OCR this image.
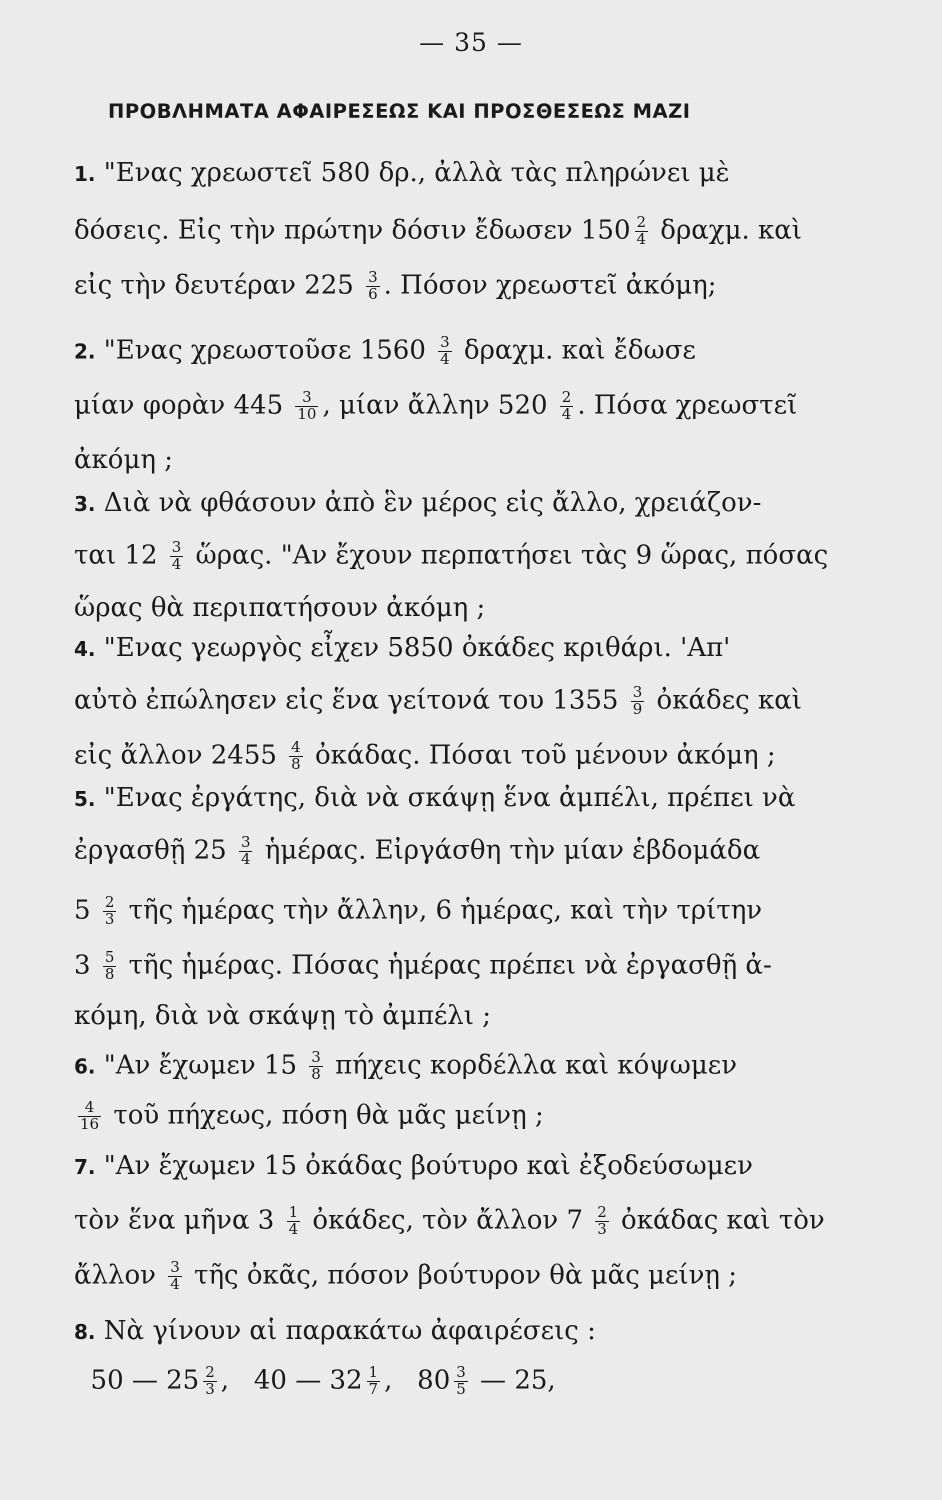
— 35 —
ΠΡΟΒΛΗΜΑΤΑ ΑΦΑΙΡΕΣΕΩΣ ΚΑΙ ΠΡΟΣΘΕΣΕΩΣ ΜΑΖΙ
1. "Ενας χρεωστεῖ 580 δρ., ἀλλὰ τὰς πληρώνει μὲ
δόσεις. Εἰς τὴν πρώτην δόσιν ἔδωσεν $150 \frac{2}{4} \delta\rho\alpha\chi\mu$. καὶ
εἰς τὴν δευτέραν $225 \frac{3}{6}$ . Πόσον χρεωστεῖ ἀκόμη;
2. "Ενας χρεωστοῦσε $1560 \frac{3}{4} \delta\rho\alpha\chi\mu$. καὶ ἔδωσε
μίαν φορὰν $445 \frac{3}{10}$ , μίαν ἄλλην $520 \frac{2}{4}$ . Πόσα χρεωστεῖ
ἀκόμη ;
3. Διὰ νὰ φθάσουν ἀπὸ ἓν μέρος εἰς ἄλλο, χρειάζον-
ται $12 \frac{3}{4}$ ὥρας. "Αν ἔχουν περπατήσει τὰς 9 ὥρας, πόσας
ὥρας θὰ περιπατήσουν ἀκόμη ;
4. "Ενας γεωργὸς εἶχεν 5850 ὀκάδες κριθάρι. 'Απ'
αὐτὸ ἐπώλησεν εἰς ἕνα γείτονά του $1355 \frac{3}{9}$ ὀκάδες καὶ
εἰς ἄλλον $2455 \frac{4}{8}$ ὀκάδας. Πόσαι τοῦ μένουν ἀκόμη ;
5. "Ενας ἐργάτης, διὰ νὰ σκάψῃ ἕνα ἀμπέλι, πρέπει νὰ
ἐργασθῇ $25 \frac{3}{4}$ ἡμέρας. Εἰργάσθη τὴν μίαν ἑβδομάδα
$5 \frac{2}{3}$ τῆς ἡμέρας τὴν ἄλλην, 6 ἡμέρας, καὶ τὴν τρίτην
$3 \frac{5}{8}$ τῆς ἡμέρας. Πόσας ἡμέρας πρέπει νὰ ἐργασθῇ ἀ-
κόμη, διὰ νὰ σκάψῃ τὸ ἀμπέλι ;
6. "Αν ἔχωμεν $15 \frac{3}{8}$ πήχεις κορδέλλα καὶ κόψωμεν
$\frac{4}{16}$ τοῦ πήχεως, πόση θὰ μᾶς μείνῃ ;
7. "Αν ἔχωμεν 15 ὀκάδας βούτυρο καὶ ἐξοδεύσωμεν
τὸν ἕνα μῆνα $3 \frac{1}{4}$ ὀκάδες, τὸν ἄλλον $7 \frac{2}{3}$ ὀκάδας καὶ τὸν
ἄλλον $\frac{3}{4}$ τῆς ὀκᾶς, πόσον βούτυρον θὰ μᾶς μείνῃ ;
8. Νὰ γίνουν αἱ παρακάτω ἀφαιρέσεις :
50 — $25 \frac{2}{3}$ ,   40 — $32 \frac{1}{7}$ ,   $80 \frac{3}{5}$ — 25,
